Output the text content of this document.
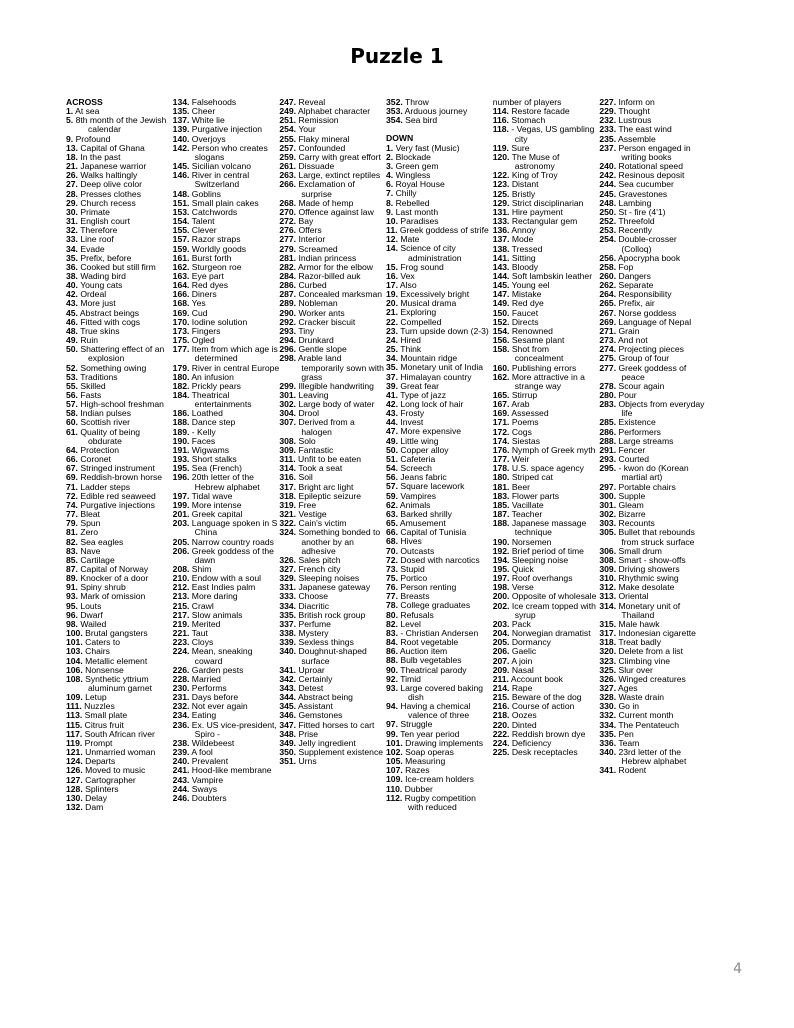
Puzzle 1
ACROSS
1. At sea
5. 8th month of the Jewish calendar
9. Profound
13. Capital of Ghana
18. In the past
21. Japanese warrior
26. Walks haltingly
27. Deep olive color
28. Presses clothes
29. Church recess
30. Primate
31. English court
32. Therefore
33. Line roof
34. Evade
35. Prefix, before
36. Cooked but still firm
38. Wading bird
40. Young cats
42. Ordeal
43. More just
45. Abstract beings
46. Fitted with cogs
48. True skins
49. Ruin
50. Shattering effect of an explosion
52. Something owing
53. Traditions
55. Skilled
56. Fasts
57. High-school freshman
58. Indian pulses
60. Scottish river
61. Quality of being obdurate
64. Protection
66. Coronet
67. Stringed instrument
69. Reddish-brown horse
71. Ladder steps
72. Edible red seaweed
74. Purgative injections
77. Bleat
79. Spun
81. Zero
82. Sea eagles
83. Nave
85. Cartilage
87. Capital of Norway
89. Knocker of a door
91. Spiny shrub
93. Mark of omission
95. Louts
96. Dwarf
98. Wailed
100. Brutal gangsters
101. Caters to
103. Chairs
104. Metallic element
106. Nonsense
108. Synthetic yttrium aluminum garnet
109. Letup
111. Nuzzles
113. Small plate
115. Citrus fruit
117. South African river
119. Prompt
121. Unmarried woman
124. Departs
126. Moved to music
127. Cartographer
128. Splinters
130. Delay
132. Dam
134. Falsehoods
135. Cheer
137. White lie
139. Purgative injection
140. Overjoys
142. Person who creates slogans
145. Sicilian volcano
146. River in central Switzerland
148. Goblins
151. Small plain cakes
153. Catchwords
154. Talent
155. Clever
157. Razor straps
159. Worldly goods
161. Burst forth
162. Sturgeon roe
163. Eye part
164. Red dyes
166. Diners
168. Yes
169. Cud
170. Iodine solution
173. Fingers
175. Ogled
177. Item from which age is determined
179. River in central Europe
180. An infusion
182. Prickly pears
184. Theatrical entertainments
186. Loathed
188. Dance step
189. - Kelly
190. Faces
191. Wigwams
193. Short stalks
195. Sea (French)
196. 20th letter of the Hebrew alphabet
197. Tidal wave
199. More intense
201. Greek capital
203. Language spoken in S China
205. Narrow country roads
206. Greek goddess of the dawn
208. Shim
210. Endow with a soul
212. East Indies palm
213. More daring
215. Crawl
217. Slow animals
219. Merited
221. Taut
223. Cloys
224. Mean, sneaking coward
226. Garden pests
228. Married
230. Performs
231. Days before
232. Not ever again
234. Eating
236. Ex. US vice-president, Spiro -
238. Wildebeest
239. A fool
240. Prevalent
241. Hood-like membrane
243. Vampire
244. Sways
246. Doubters
247. Reveal
249. Alphabet character
251. Remission
254. Your
255. Flaky mineral
257. Confounded
259. Carry with great effort
261. Dissuade
263. Large, extinct reptiles
266. Exclamation of surprise
268. Made of hemp
270. Offence against law
272. Bay
276. Offers
277. Interior
279. Screamed
281. Indian princess
282. Armor for the elbow
284. Razor-billed auk
286. Curbed
287. Concealed marksman
289. Nobleman
290. Worker ants
292. Cracker biscuit
293. Tiny
294. Drunkard
296. Gentle slope
298. Arable land temporarily sown with grass
299. Illegible handwriting
301. Leaving
302. Large body of water
304. Drool
307. Derived from a halogen
308. Solo
309. Fantastic
311. Unfit to be eaten
314. Took a seat
316. Soil
317. Bright arc light
318. Epileptic seizure
319. Free
321. Vestige
322. Cain's victim
324. Something bonded to another by an adhesive
326. Sales pitch
327. French city
329. Sleeping noises
331. Japanese gateway
333. Choose
334. Diacritic
335. British rock group
337. Perfume
338. Mystery
339. Sexless things
340. Doughnut-shaped surface
341. Uproar
342. Certainly
343. Detest
344. Abstract being
345. Assistant
346. Gemstones
347. Fitted horses to cart
348. Prise
349. Jelly ingredient
350. Supplement existence
351. Urns
352. Throw
353. Arduous journey
354. Sea bird
DOWN
1. Very fast (Music)
2. Blockade
3. Green gem
4. Wingless
6. Royal House
7. Chilly
8. Rebelled
9. Last month
10. Paradises
11. Greek goddess of strife
12. Mate
14. Science of city administration
15. Frog sound
16. Vex
17. Also
19. Excessively bright
20. Musical drama
21. Exploring
22. Compelled
23. Turn upside down (2-3)
24. Hired
25. Think
34. Mountain ridge
35. Monetary unit of India
37. Himalayan country
39. Great fear
41. Type of jazz
42. Long lock of hair
43. Frosty
44. Invest
47. More expensive
49. Little wing
50. Copper alloy
51. Cafeteria
54. Screech
56. Jeans fabric
57. Square lacework
59. Vampires
62. Animals
63. Barked shrilly
65. Amusement
66. Capital of Tunisia
68. Hives
70. Outcasts
72. Dosed with narcotics
73. Stupid
75. Portico
76. Person renting
77. Breasts
78. College graduates
80. Refusals
82. Level
83. - Christian Andersen
84. Root vegetable
86. Auction item
88. Bulb vegetables
90. Theatrical parody
92. Timid
93. Large covered baking dish
94. Having a chemical valence of three
97. Struggle
99. Ten year period
101. Drawing implements
102. Soap operas
105. Measuring
107. Razes
109. Ice-cream holders
110. Dubber
112. Rugby competition with reduced
number of players
114. Restore facade
116. Stomach
118. - Vegas, US gambling city
119. Sure
120. The Muse of astronomy
122. King of Troy
123. Distant
125. Bristly
129. Strict disciplinarian
131. Hire payment
133. Rectangular gem
136. Annoy
137. Mode
138. Tressed
141. Sitting
143. Bloody
144. Soft lambskin leather
145. Young eel
147. Mistake
149. Red dye
150. Faucet
152. Directs
154. Renowned
156. Sesame plant
158. Shot from concealment
160. Publishing errors
162. More attractive in a strange way
165. Stirrup
167. Arab
169. Assessed
171. Poems
172. Cogs
174. Siestas
176. Nymph of Greek myth
177. Weir
178. U.S. space agency
180. Striped cat
181. Beer
183. Flower parts
185. Vacillate
187. Teacher
188. Japanese massage technique
190. Norsemen
192. Brief period of time
194. Sleeping noise
195. Quick
197. Roof overhangs
198. Verse
200. Opposite of wholesale
202. Ice cream topped with syrup
203. Pack
204. Norwegian dramatist
205. Dormancy
206. Gaelic
207. A join
209. Nasal
211. Account book
214. Rape
215. Beware of the dog
216. Course of action
218. Oozes
220. Dinted
222. Reddish brown dye
224. Deficiency
225. Desk receptacles
227. Inform on
229. Thought
232. Lustrous
233. The east wind
235. Assemble
237. Person engaged in writing books
240. Rotational speed
242. Resinous deposit
244. Sea cucumber
245. Gravestones
248. Lambing
250. St - fire (4'1)
252. Threefold
253. Recently
254. Double-crosser (Colloq)
256. Apocrypha book
258. Fop
260. Dangers
262. Separate
264. Responsibility
265. Prefix, air
267. Norse goddess
269. Language of Nepal
271. Grain
273. And not
274. Projecting pieces
275. Group of four
277. Greek goddess of peace
278. Scour again
280. Pour
283. Objects from everyday life
285. Existence
286. Performers
288. Large streams
291. Fencer
293. Courted
295. - kwon do (Korean martial art)
297. Portable chairs
300. Supple
301. Gleam
302. Bizarre
303. Recounts
305. Bullet that rebounds from struck surface
306. Small drum
308. Smart - show-offs
309. Driving showers
310. Rhythmic swing
312. Make desolate
313. Oriental
314. Monetary unit of Thailand
315. Male hawk
317. Indonesian cigarette
318. Treat badly
320. Delete from a list
323. Climbing vine
325. Slur over
326. Winged creatures
327. Ages
328. Waste drain
330. Go in
332. Current month
334. The Pentateuch
335. Pen
336. Team
340. 23rd letter of the Hebrew alphabet
341. Rodent
4
